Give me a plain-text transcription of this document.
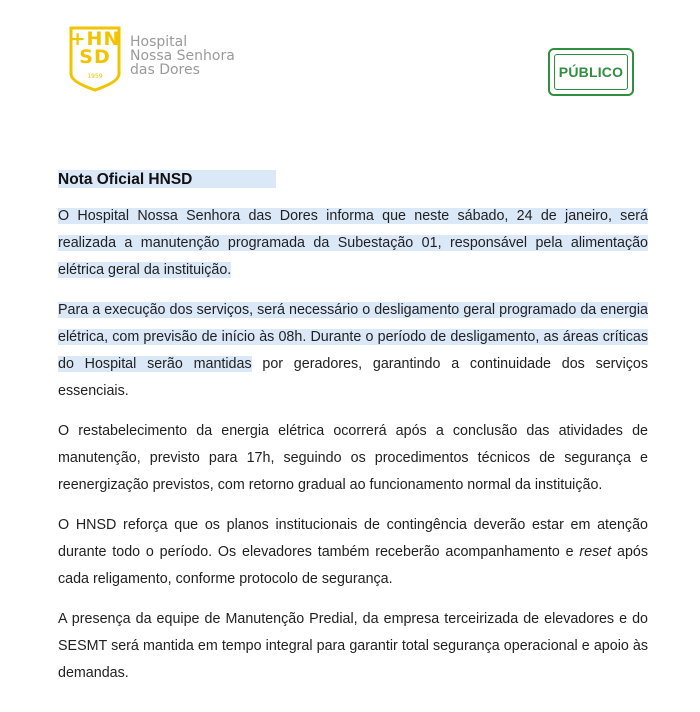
+HN
SD
1959
Hospital
Nossa Senhora
das Dores	PÚBLICO
Nota Oficial HNSD

O Hospital Nossa Senhora das Dores informa que neste sábado, 24 de janeiro, será realizada a manutenção programada da Subestação 01, responsável pela alimentação elétrica geral da instituição.

Para a execução dos serviços, será necessário o desligamento geral programado da energia elétrica, com previsão de início às 08h. Durante o período de desligamento, as áreas críticas do Hospital serão mantidas por geradores, garantindo a continuidade dos serviços essenciais.

O restabelecimento da energia elétrica ocorrerá após a conclusão das atividades de manutenção, previsto para 17h, seguindo os procedimentos técnicos de segurança e reenergização previstos, com retorno gradual ao funcionamento normal da instituição.

O HNSD reforça que os planos institucionais de contingência deverão estar em atenção durante todo o período. Os elevadores também receberão acompanhamento e reset após cada religamento, conforme protocolo de segurança.

A presença da equipe de Manutenção Predial, da empresa terceirizada de elevadores e do SESMT será mantida em tempo integral para garantir total segurança operacional e apoio às demandas.
